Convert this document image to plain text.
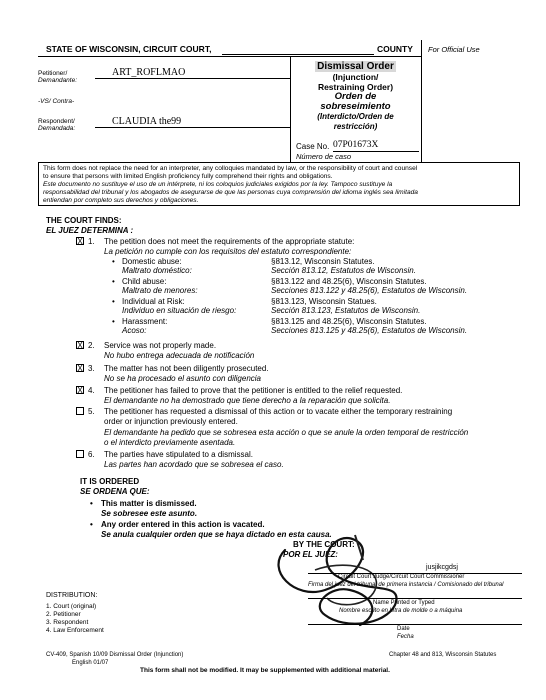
STATE OF WISCONSIN, CIRCUIT COURT,	COUNTY For Official Use
Petitioner/
Demandante:
ART_ROFLMAO
-VS/ Contra-
Respondent/
Demandada:
CLAUDIA the99
Dismissal Order
(Injunction/
Restraining Order)
Orden de
sobreseimiento
(Interdicto/Orden de
restricción)
Case No. 07P01673X
Número de caso
This form does not replace the need for an interpreter, any colloquies mandated by law, or the responsibility of court and counsel
to ensure that persons with limited English proficiency fully comprehend their rights and obligations.
Este documento no sustituye el uso de un intérprete, ni los coloquios judiciales exigidos por la ley. Tampoco sustituye la
responsabilidad del tribunal y los abogados de asegurarse de que las personas cuya comprensión del idioma inglés sea limitada
entiendan por completo sus derechos y obligaciones.
THE COURT FINDS:
EL JUEZ DETERMINA :
X 1. The petition does not meet the requirements of the appropriate statute:
La petición no cumple con los requisitos del estatuto correspondiente:
• Domestic abuse:
Maltrato doméstico:
§813.12, Wisconsin Statutes.
Sección 813.12, Estatutos de Wisconsin.
• Child abuse:
Maltrato de menores:
§813.122 and 48.25(6), Wisconsin Statutes.
Secciones 813.122 y 48.25(6), Estatutos de Wisconsin.
• Individual at Risk:
Individuo en situación de riesgo:
§813.123, Wisconsin Statues.
Sección 813.123, Estatutos de Wisconsin.
• Harassment:
Acoso:
§813.125 and 48.25(6), Wisconsin Statutes.
Secciones 813.125 y 48.25(6), Estatutos de Wisconsin.
X 2. Service was not properly made.
No hubo entrega adecuada de notificación
X 3. The matter has not been diligently prosecuted.
No se ha procesado el asunto con diligencia
X 4. The petitioner has failed to prove that the petitioner is entitled to the relief requested.
El demandante no ha demostrado que tiene derecho a la reparación que solicita.
5. The petitioner has requested a dismissal of this action or to vacate either the temporary restraining
order or injunction previously entered.
El demandante ha pedido que se sobresea esta acción o que se anule la orden temporal de restricción
o el interdicto previamente asentada.
6. The parties have stipulated to a dismissal.
Las partes han acordado que se sobresea el caso.
IT IS ORDERED
SE ORDENA QUE:
• This matter is dismissed.
Se sobresee este asunto.
• Any order entered in this action is vacated.
Se anula cualquier orden que se haya dictado en esta causa.
BY THE COURT:
POR EL JUEZ:
jusjikcgdsj
Circuit Court Judge/Circuit Court Commissioner
Firma del juez del tribunal de primera instancia / Comisionado del tribunal
Name Printed or Typed
Nombre escrito en letra de molde o a máquina
Date
Fecha
DISTRIBUTION:
1. Court (original)
2. Petitioner
3. Respondent
4. Law Enforcement
CV-409, Spanish 10/09 Dismissal Order (Injunction)
English 01/07
Chapter 48 and 813, Wisconsin Statutes
This form shall not be modified. It may be supplemented with additional material.
